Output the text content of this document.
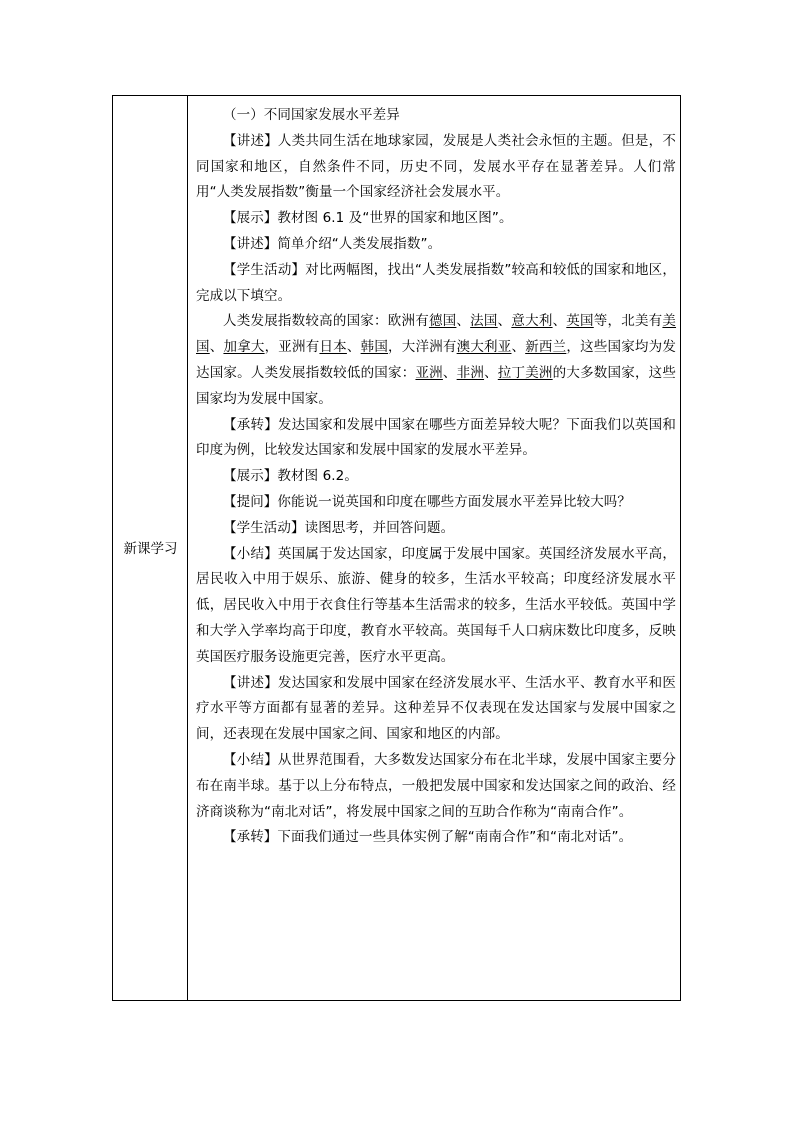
新课学习

（一）不同国家发展水平差异

【讲述】人类共同生活在地球家园，发展是人类社会永恒的主题。但是，不同国家和地区，自然条件不同，历史不同，发展水平存在显著差异。人们常用“人类发展指数”衡量一个国家经济社会发展水平。

【展示】教材图 6.1 及“世界的国家和地区图”。

【讲述】简单介绍“人类发展指数”。

【学生活动】对比两幅图，找出“人类发展指数”较高和较低的国家和地区，完成以下填空。

人类发展指数较高的国家：欧洲有德国、法国、意大利、英国等，北美有美国、加拿大，亚洲有日本、韩国，大洋洲有澳大利亚、新西兰，这些国家均为发达国家。人类发展指数较低的国家：亚洲、非洲、拉丁美洲的大多数国家，这些国家均为发展中国家。

【承转】发达国家和发展中国家在哪些方面差异较大呢？下面我们以英国和印度为例，比较发达国家和发展中国家的发展水平差异。

【展示】教材图 6.2。

【提问】你能说一说英国和印度在哪些方面发展水平差异比较大吗？

【学生活动】读图思考，并回答问题。

【小结】英国属于发达国家，印度属于发展中国家。英国经济发展水平高，居民收入中用于娱乐、旅游、健身的较多，生活水平较高；印度经济发展水平低，居民收入中用于衣食住行等基本生活需求的较多，生活水平较低。英国中学和大学入学率均高于印度，教育水平较高。英国每千人口病床数比印度多，反映英国医疗服务设施更完善，医疗水平更高。

【讲述】发达国家和发展中国家在经济发展水平、生活水平、教育水平和医疗水平等方面都有显著的差异。这种差异不仅表现在发达国家与发展中国家之间，还表现在发展中国家之间、国家和地区的内部。

【小结】从世界范围看，大多数发达国家分布在北半球，发展中国家主要分布在南半球。基于以上分布特点，一般把发展中国家和发达国家之间的政治、经济商谈称为“南北对话”，将发展中国家之间的互助合作称为“南南合作”。

【承转】下面我们通过一些具体实例了解“南南合作”和“南北对话”。
